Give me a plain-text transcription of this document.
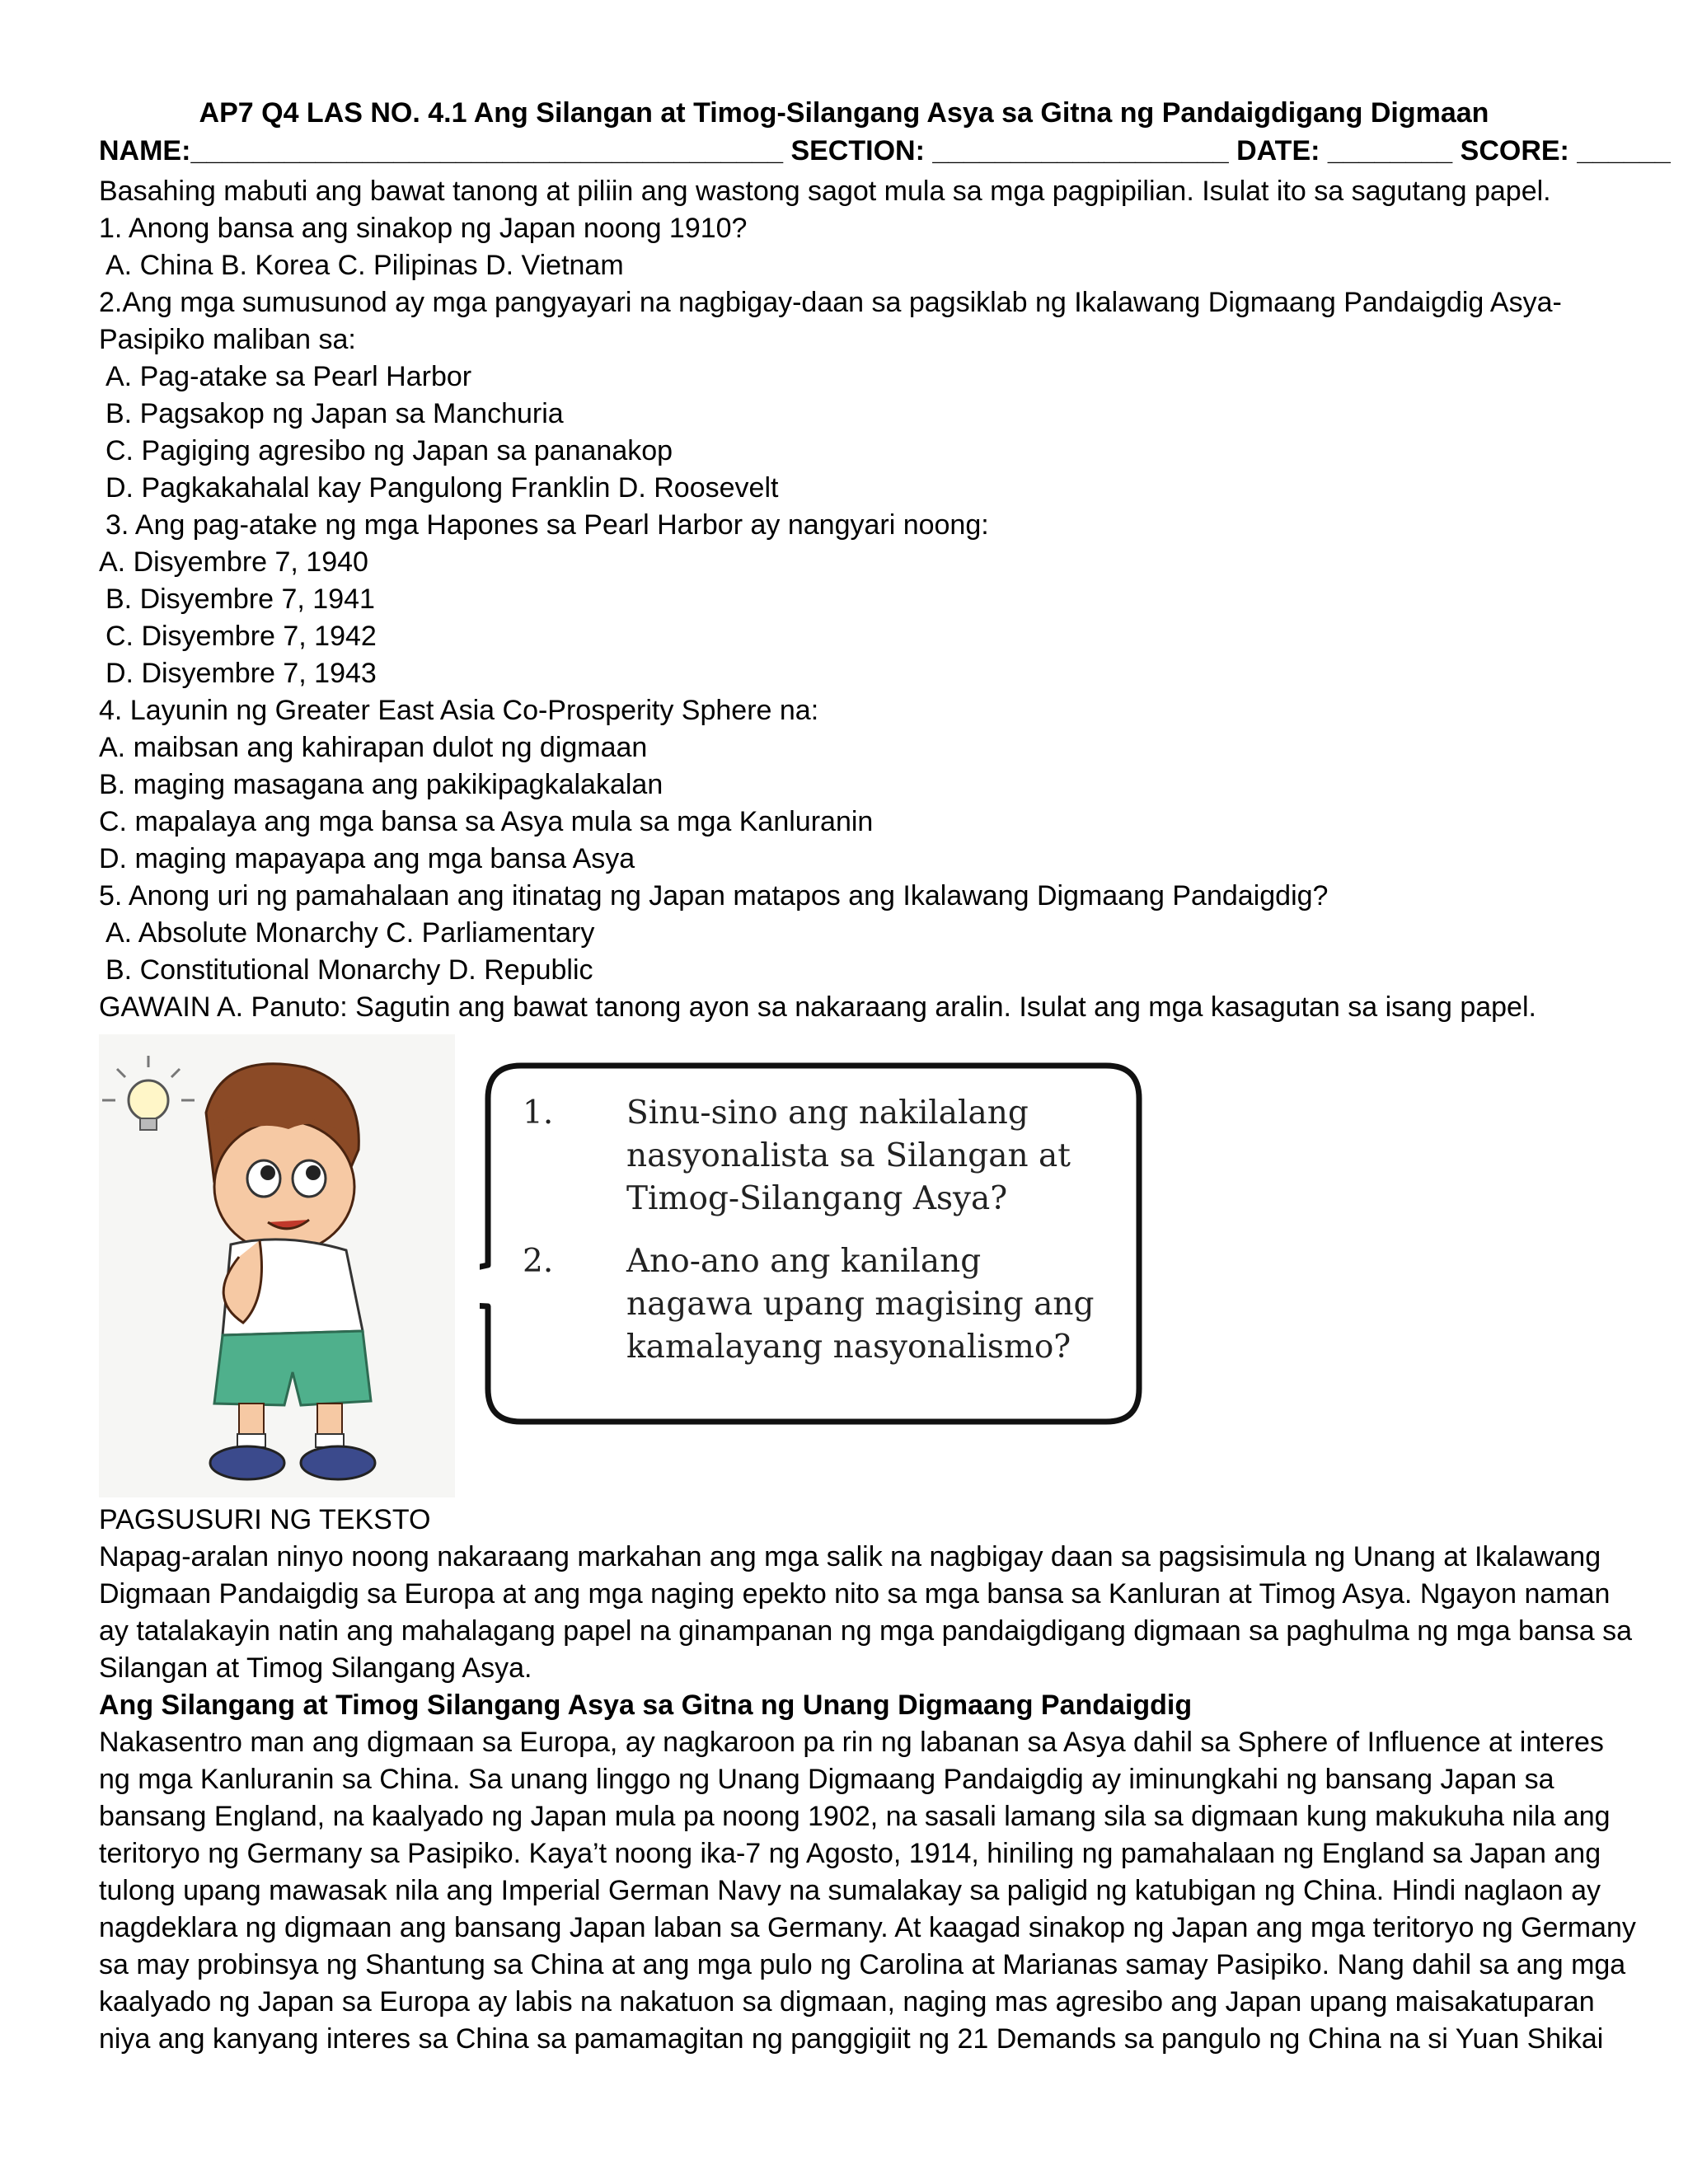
AP7 Q4 LAS NO. 4.1 Ang Silangan at Timog-Silangang Asya sa Gitna ng Pandaigdigang Digmaan
NAME:______________________________________ SECTION: ___________________ DATE: ________ SCORE: ______
Basahing mabuti ang bawat tanong at piliin ang wastong sagot mula sa mga pagpipilian. Isulat ito sa sagutang papel.
1. Anong bansa ang sinakop ng Japan noong 1910?
A. China B. Korea C. Pilipinas D. Vietnam
2.Ang mga sumusunod ay mga pangyayari na nagbigay-daan sa pagsiklab ng Ikalawang Digmaang Pandaigdig Asya-
Pasipiko maliban sa:
A. Pag-atake sa Pearl Harbor
B. Pagsakop ng Japan sa Manchuria
C. Pagiging agresibo ng Japan sa pananakop
D. Pagkakahalal kay Pangulong Franklin D. Roosevelt
3. Ang pag-atake ng mga Hapones sa Pearl Harbor ay nangyari noong:
A. Disyembre 7, 1940
B. Disyembre 7, 1941
C. Disyembre 7, 1942
D. Disyembre 7, 1943
4. Layunin ng Greater East Asia Co-Prosperity Sphere na:
A. maibsan ang kahirapan dulot ng digmaan
B. maging masagana ang pakikipagkalakalan
C. mapalaya ang mga bansa sa Asya mula sa mga Kanluranin
D. maging mapayapa ang mga bansa Asya
5. Anong uri ng pamahalaan ang itinatag ng Japan matapos ang Ikalawang Digmaang Pandaigdig?
A. Absolute Monarchy C. Parliamentary
B. Constitutional Monarchy D. Republic
GAWAIN A. Panuto: Sagutin ang bawat tanong ayon sa nakaraang aralin. Isulat ang mga kasagutan sa isang papel.
1. Sinu-sino ang nakilalang
nasyonalista sa Silangan at
Timog-Silangang Asya?
2. Ano-ano ang kanilang
nagawa upang magising ang
kamalayang nasyonalismo?
PAGSUSURI NG TEKSTO
Napag-aralan ninyo noong nakaraang markahan ang mga salik na nagbigay daan sa pagsisimula ng Unang at Ikalawang
Digmaan Pandaigdig sa Europa at ang mga naging epekto nito sa mga bansa sa Kanluran at Timog Asya. Ngayon naman
ay tatalakayin natin ang mahalagang papel na ginampanan ng mga pandaigdigang digmaan sa paghulma ng mga bansa sa
Silangan at Timog Silangang Asya.
Ang Silangang at Timog Silangang Asya sa Gitna ng Unang Digmaang Pandaigdig
Nakasentro man ang digmaan sa Europa, ay nagkaroon pa rin ng labanan sa Asya dahil sa Sphere of Influence at interes
ng mga Kanluranin sa China. Sa unang linggo ng Unang Digmaang Pandaigdig ay iminungkahi ng bansang Japan sa
bansang England, na kaalyado ng Japan mula pa noong 1902, na sasali lamang sila sa digmaan kung makukuha nila ang
teritoryo ng Germany sa Pasipiko. Kaya’t noong ika-7 ng Agosto, 1914, hiniling ng pamahalaan ng England sa Japan ang
tulong upang mawasak nila ang Imperial German Navy na sumalakay sa paligid ng katubigan ng China. Hindi naglaon ay
nagdeklara ng digmaan ang bansang Japan laban sa Germany. At kaagad sinakop ng Japan ang mga teritoryo ng Germany
sa may probinsya ng Shantung sa China at ang mga pulo ng Carolina at Marianas samay Pasipiko. Nang dahil sa ang mga
kaalyado ng Japan sa Europa ay labis na nakatuon sa digmaan, naging mas agresibo ang Japan upang maisakatuparan
niya ang kanyang interes sa China sa pamamagitan ng panggigiit ng 21 Demands sa pangulo ng China na si Yuan Shikai
